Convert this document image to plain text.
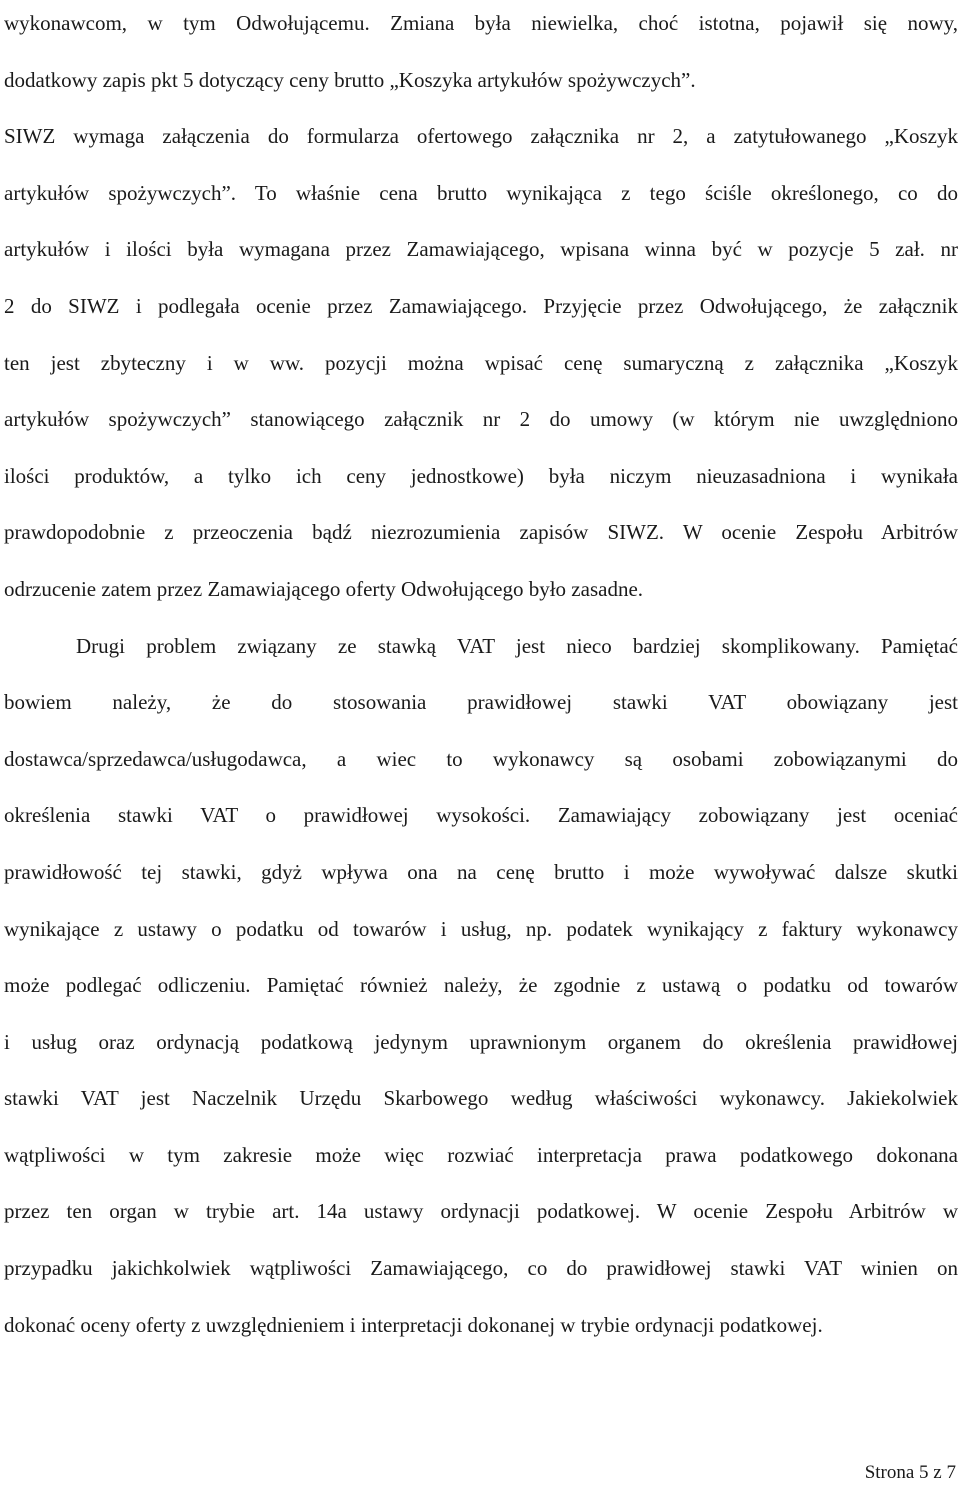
wykonawcom, w tym Odwołującemu. Zmiana była niewielka, choć istotna, pojawił się nowy,
dodatkowy zapis pkt 5 dotyczący ceny brutto „Koszyka artykułów spożywczych”.
SIWZ wymaga załączenia do formularza ofertowego załącznika nr 2, a zatytułowanego „Koszyk
artykułów spożywczych”. To właśnie cena brutto wynikająca z tego ściśle określonego, co do
artykułów i ilości była wymagana przez Zamawiającego, wpisana winna być w pozycje 5 zał. nr
2 do SIWZ i podlegała ocenie przez Zamawiającego. Przyjęcie przez Odwołującego, że załącznik
ten jest zbyteczny i w ww. pozycji można wpisać cenę sumaryczną z załącznika „Koszyk
artykułów spożywczych” stanowiącego załącznik nr 2 do umowy (w którym nie uwzględniono
ilości produktów, a tylko ich ceny jednostkowe) była niczym nieuzasadniona i wynikała
prawdopodobnie z przeoczenia bądź niezrozumienia zapisów SIWZ. W ocenie Zespołu Arbitrów
odrzucenie zatem przez Zamawiającego oferty Odwołującego było zasadne.
Drugi problem związany ze stawką VAT jest nieco bardziej skomplikowany. Pamiętać
bowiem należy, że do stosowania prawidłowej stawki VAT obowiązany jest
dostawca/sprzedawca/usługodawca, a wiec to wykonawcy są osobami zobowiązanymi do
określenia stawki VAT o prawidłowej wysokości. Zamawiający zobowiązany jest oceniać
prawidłowość tej stawki, gdyż wpływa ona na cenę brutto i może wywoływać dalsze skutki
wynikające z ustawy o podatku od towarów i usług, np. podatek wynikający z faktury wykonawcy
może podlegać odliczeniu. Pamiętać również należy, że zgodnie z ustawą o podatku od towarów
i usług oraz ordynacją podatkową jedynym uprawnionym organem do określenia prawidłowej
stawki VAT jest Naczelnik Urzędu Skarbowego według właściwości wykonawcy. Jakiekolwiek
wątpliwości w tym zakresie może więc rozwiać interpretacja prawa podatkowego dokonana
przez ten organ w trybie art. 14a ustawy ordynacji podatkowej. W ocenie Zespołu Arbitrów w
przypadku jakichkolwiek wątpliwości Zamawiającego, co do prawidłowej stawki VAT winien on
dokonać oceny oferty z uwzględnieniem i interpretacji dokonanej w trybie ordynacji podatkowej.
Strona 5 z 7
